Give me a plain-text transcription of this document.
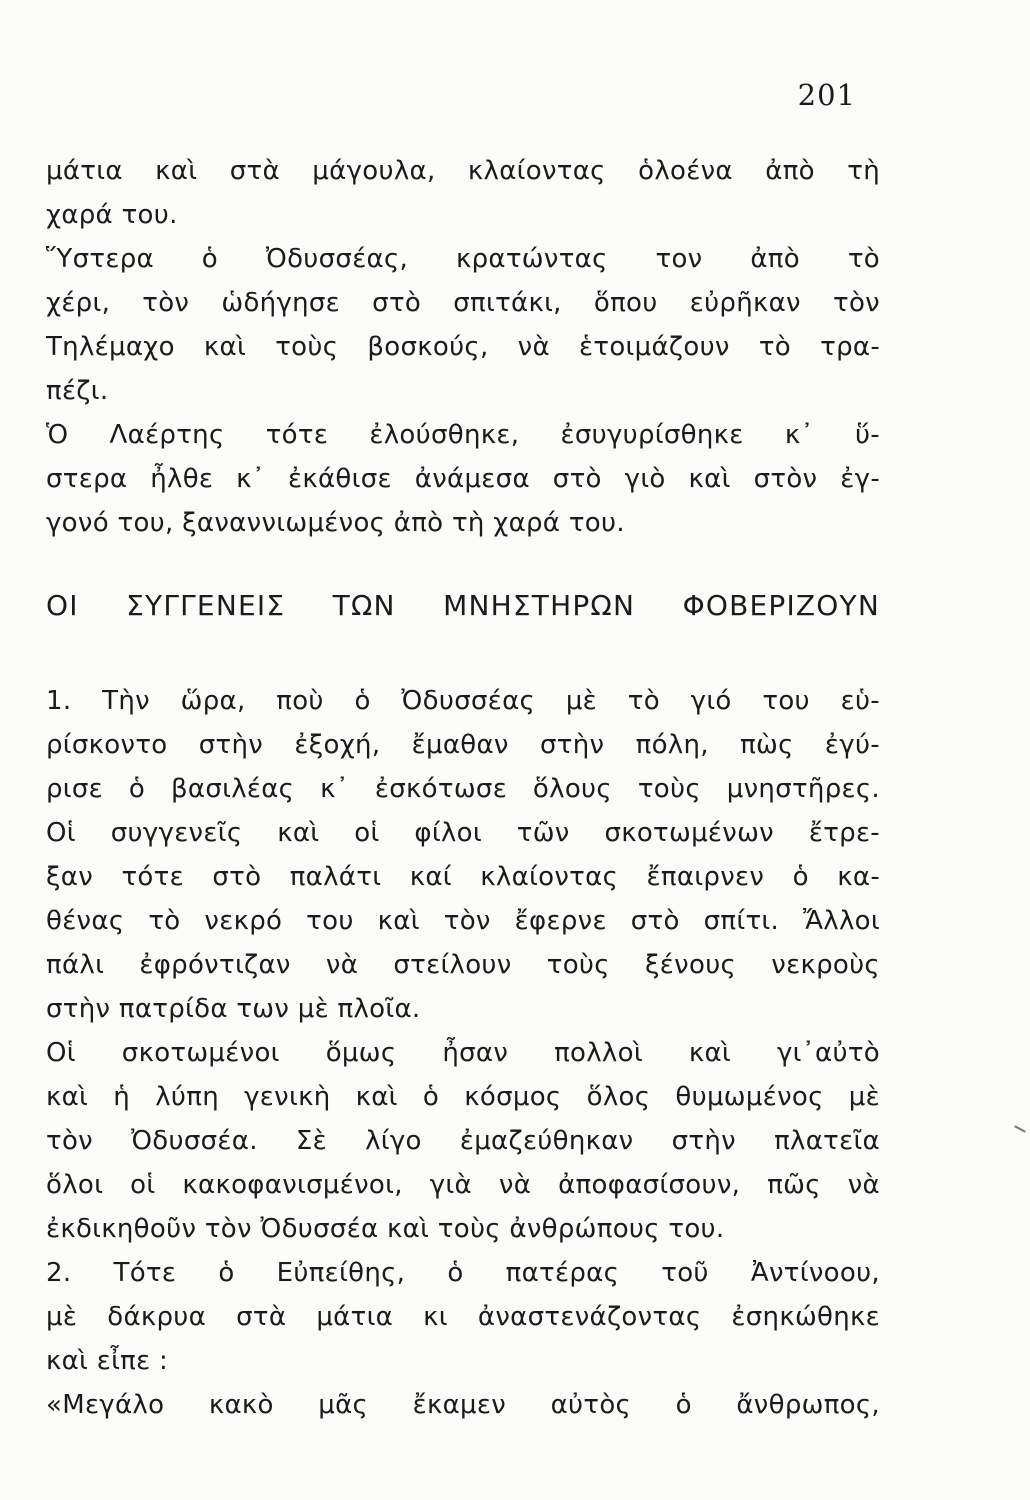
201
μάτια καὶ στὰ μάγουλα, κλαίοντας ὁλοένα ἀπὸ τὴ
χαρά του.
Ὕστερα ὁ Ὀδυσσέας, κρατώντας τον ἀπὸ τὸ
χέρι, τὸν ὡδήγησε στὸ σπιτάκι, ὅπου εὐρῆκαν τὸν
Τηλέμαχο καὶ τοὺς βοσκούς, νὰ ἑτοιμάζουν τὸ τρα-
πέζι.
Ὁ Λαέρτης τότε ἐλούσθηκε, ἐσυγυρίσθηκε κ᾽ ὕ-
στερα ἦλθε κ᾽ ἐκάθισε ἀνάμεσα στὸ γιὸ καὶ στὸν ἐγ-
γονό του, ξαναννιωμένος ἀπὸ τὴ χαρά του.
ΟΙ ΣΥΓΓΕΝΕΙΣ ΤΩΝ ΜΝΗΣΤΗΡΩΝ ΦΟΒΕΡΙΖΟΥΝ
1. Τὴν ὥρα, ποὺ ὁ Ὀδυσσέας μὲ τὸ γιό του εὑ-
ρίσκοντο στὴν ἐξοχή, ἔμαθαν στὴν πόλη, πὼς ἐγύ-
ρισε ὁ βασιλέας κ᾽ ἐσκότωσε ὅλους τοὺς μνηστῆρες.
Οἱ συγγενεῖς καὶ οἱ φίλοι τῶν σκοτωμένων ἔτρε-
ξαν τότε στὸ παλάτι καί κλαίοντας ἔπαιρνεν ὁ κα-
θένας τὸ νεκρό του καὶ τὸν ἔφερνε στὸ σπίτι. Ἄλλοι
πάλι ἐφρόντιζαν νὰ στείλουν τοὺς ξένους νεκροὺς
στὴν πατρίδα των μὲ πλοῖα.
Οἱ σκοτωμένοι ὅμως ἦσαν πολλοὶ καὶ γι᾽αὐτὸ
καὶ ἡ λύπη γενικὴ καὶ ὁ κόσμος ὅλος θυμωμένος μὲ
τὸν Ὀδυσσέα. Σὲ λίγο ἐμαζεύθηκαν στὴν πλατεῖα
ὅλοι οἱ κακοφανισμένοι, γιὰ νὰ ἀποφασίσουν, πῶς νὰ
ἐκδικηθοῦν τὸν Ὀδυσσέα καὶ τοὺς ἀνθρώπους του.
2. Τότε ὁ Εὐπείθης, ὁ πατέρας τοῦ Ἀντίνοου,
μὲ δάκρυα στὰ μάτια κι ἀναστενάζοντας ἐσηκώθηκε
καὶ εἶπε :
«Μεγάλο κακὸ μᾶς ἔκαμεν αὐτὸς ὁ ἄνθρωπος,
